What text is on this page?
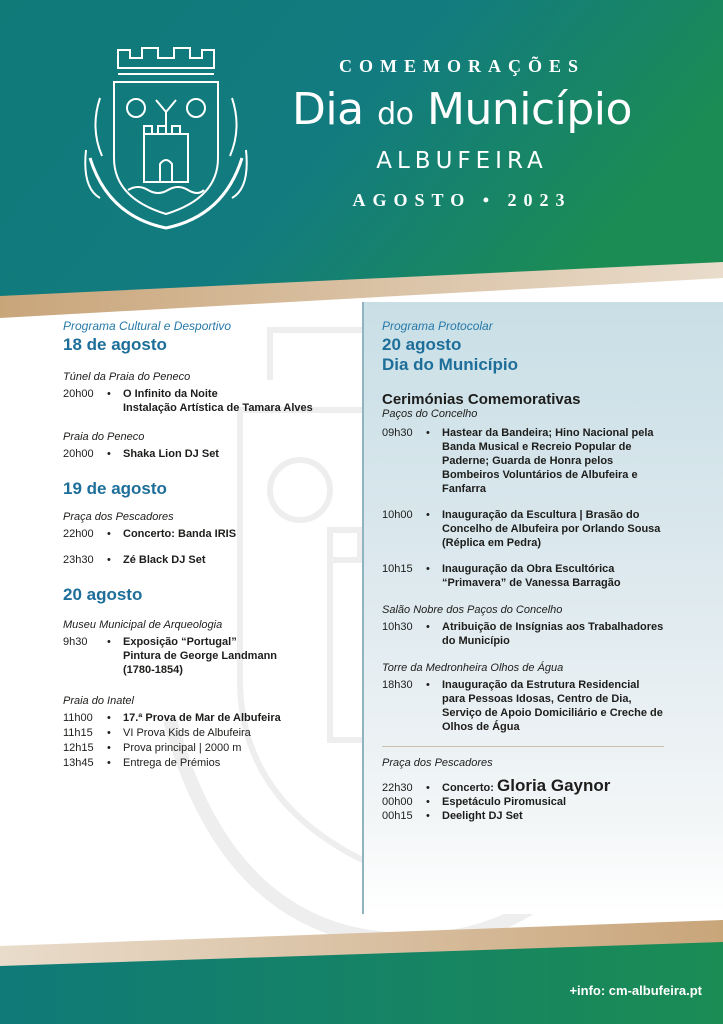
COMEMORAÇÕES
Dia do Município
ALBUFEIRA
AGOSTO • 2023
Programa Cultural e Desportivo
18 de agosto
Túnel da Praia do Peneco
20h00	•	O Infinito da Noite
Instalação Artística de Tamara Alves
Praia do Peneco
20h00	•	Shaka Lion DJ Set
19 de agosto
Praça dos Pescadores
22h00	•	Concerto: Banda IRIS
23h30	•	Zé Black DJ Set
20 agosto
Museu Municipal de Arqueologia
9h30	•	Exposição “Portugal”
Pintura de George Landmann
(1780-1854)
Praia do Inatel
11h00	•	17.ª Prova de Mar de Albufeira
11h15	•	VI Prova Kids de Albufeira
12h15	•	Prova principal | 2000 m
13h45	•	Entrega de Prémios
Programa Protocolar
20 agosto
Dia do Município
Cerimónias Comemorativas
Paços do Concelho
09h30	•	Hastear da Bandeira; Hino Nacional pela Banda Musical e Recreio Popular de Paderne; Guarda de Honra pelos Bombeiros Voluntários de Albufeira e Fanfarra
10h00	•	Inauguração da Escultura | Brasão do Concelho de Albufeira por Orlando Sousa (Réplica em Pedra)
10h15	•	Inauguração da Obra Escultórica “Primavera” de Vanessa Barragão
Salão Nobre dos Paços do Concelho
10h30	•	Atribuição de Insígnias aos Trabalhadores do Município
Torre da Medronheira Olhos de Água
18h30	•	Inauguração da Estrutura Residencial para Pessoas Idosas, Centro de Dia, Serviço de Apoio Domiciliário e Creche de Olhos de Água
Praça dos Pescadores
22h30	•	Concerto: Gloria Gaynor
00h00	•	Espetáculo Piromusical
00h15	•	Deelight DJ Set
+info: cm-albufeira.pt
